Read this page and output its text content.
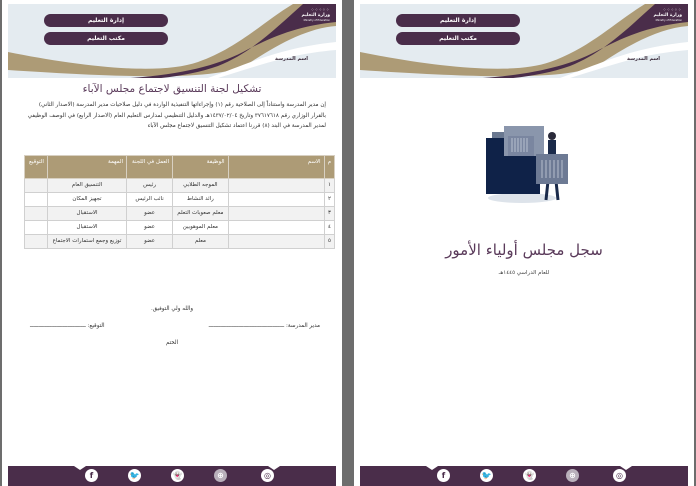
إدارة التعليم
مكتب التعليم
⁘⁘⁘⁘⁘
وزارة التعليم
Ministry of Education
اسم المدرسة
تشكيل لجنة التنسيق لاجتماع مجلس الآباء
إن مدير المدرسة واستناداً إلى الصلاحية رقم (١) وإجراءاتها التنفيذية الواردة في دليل صلاحيات مدير المدرسة (الاصدار الثاني) بالقرار الوزاري رقم ٣٧٦١٧٦١٨ وتاريخ ١٤٣٧/٠٢/٠٤هـ والدليل التنظيمي لمدارس التعليم العام (الاصدار الرابع) في الوصف الوظيفي لمدير المدرسة في البند (٨) قررنا اعتماد تشكيل التنسيق لاجتماع مجلس الآباء
م	الاسم	الوظيفة	العمل في اللجنة	المهمة	التوقيع
١		الموجه الطلابي	رئيس	التنسيق العام	
٢		رائد النشاط	نائب الرئيس	تجهيز المكان	
٣		معلم صعوبات التعلم	عضو	الاستقبال	
٤		معلم الموهوبين	عضو	الاستقبال	
٥		معلم	عضو	توزيع وجمع استمارات الاجتماع	
والله ولي التوفيق.
مدير المدرسة: ــــــــــــــــــــــــــــــــــــــــــــــ
التوقيع: ــــــــــــــــــــــــــــــــــ
الختم
f	🐦	👻	⊕	◎
إدارة التعليم
مكتب التعليم
⁘⁘⁘⁘⁘
وزارة التعليم
Ministry of Education
اسم المدرسة
سجل مجلس أولياء الأمور
للعام الدراسي ١٤٤٥هـ
f	🐦	👻	⊕	◎
